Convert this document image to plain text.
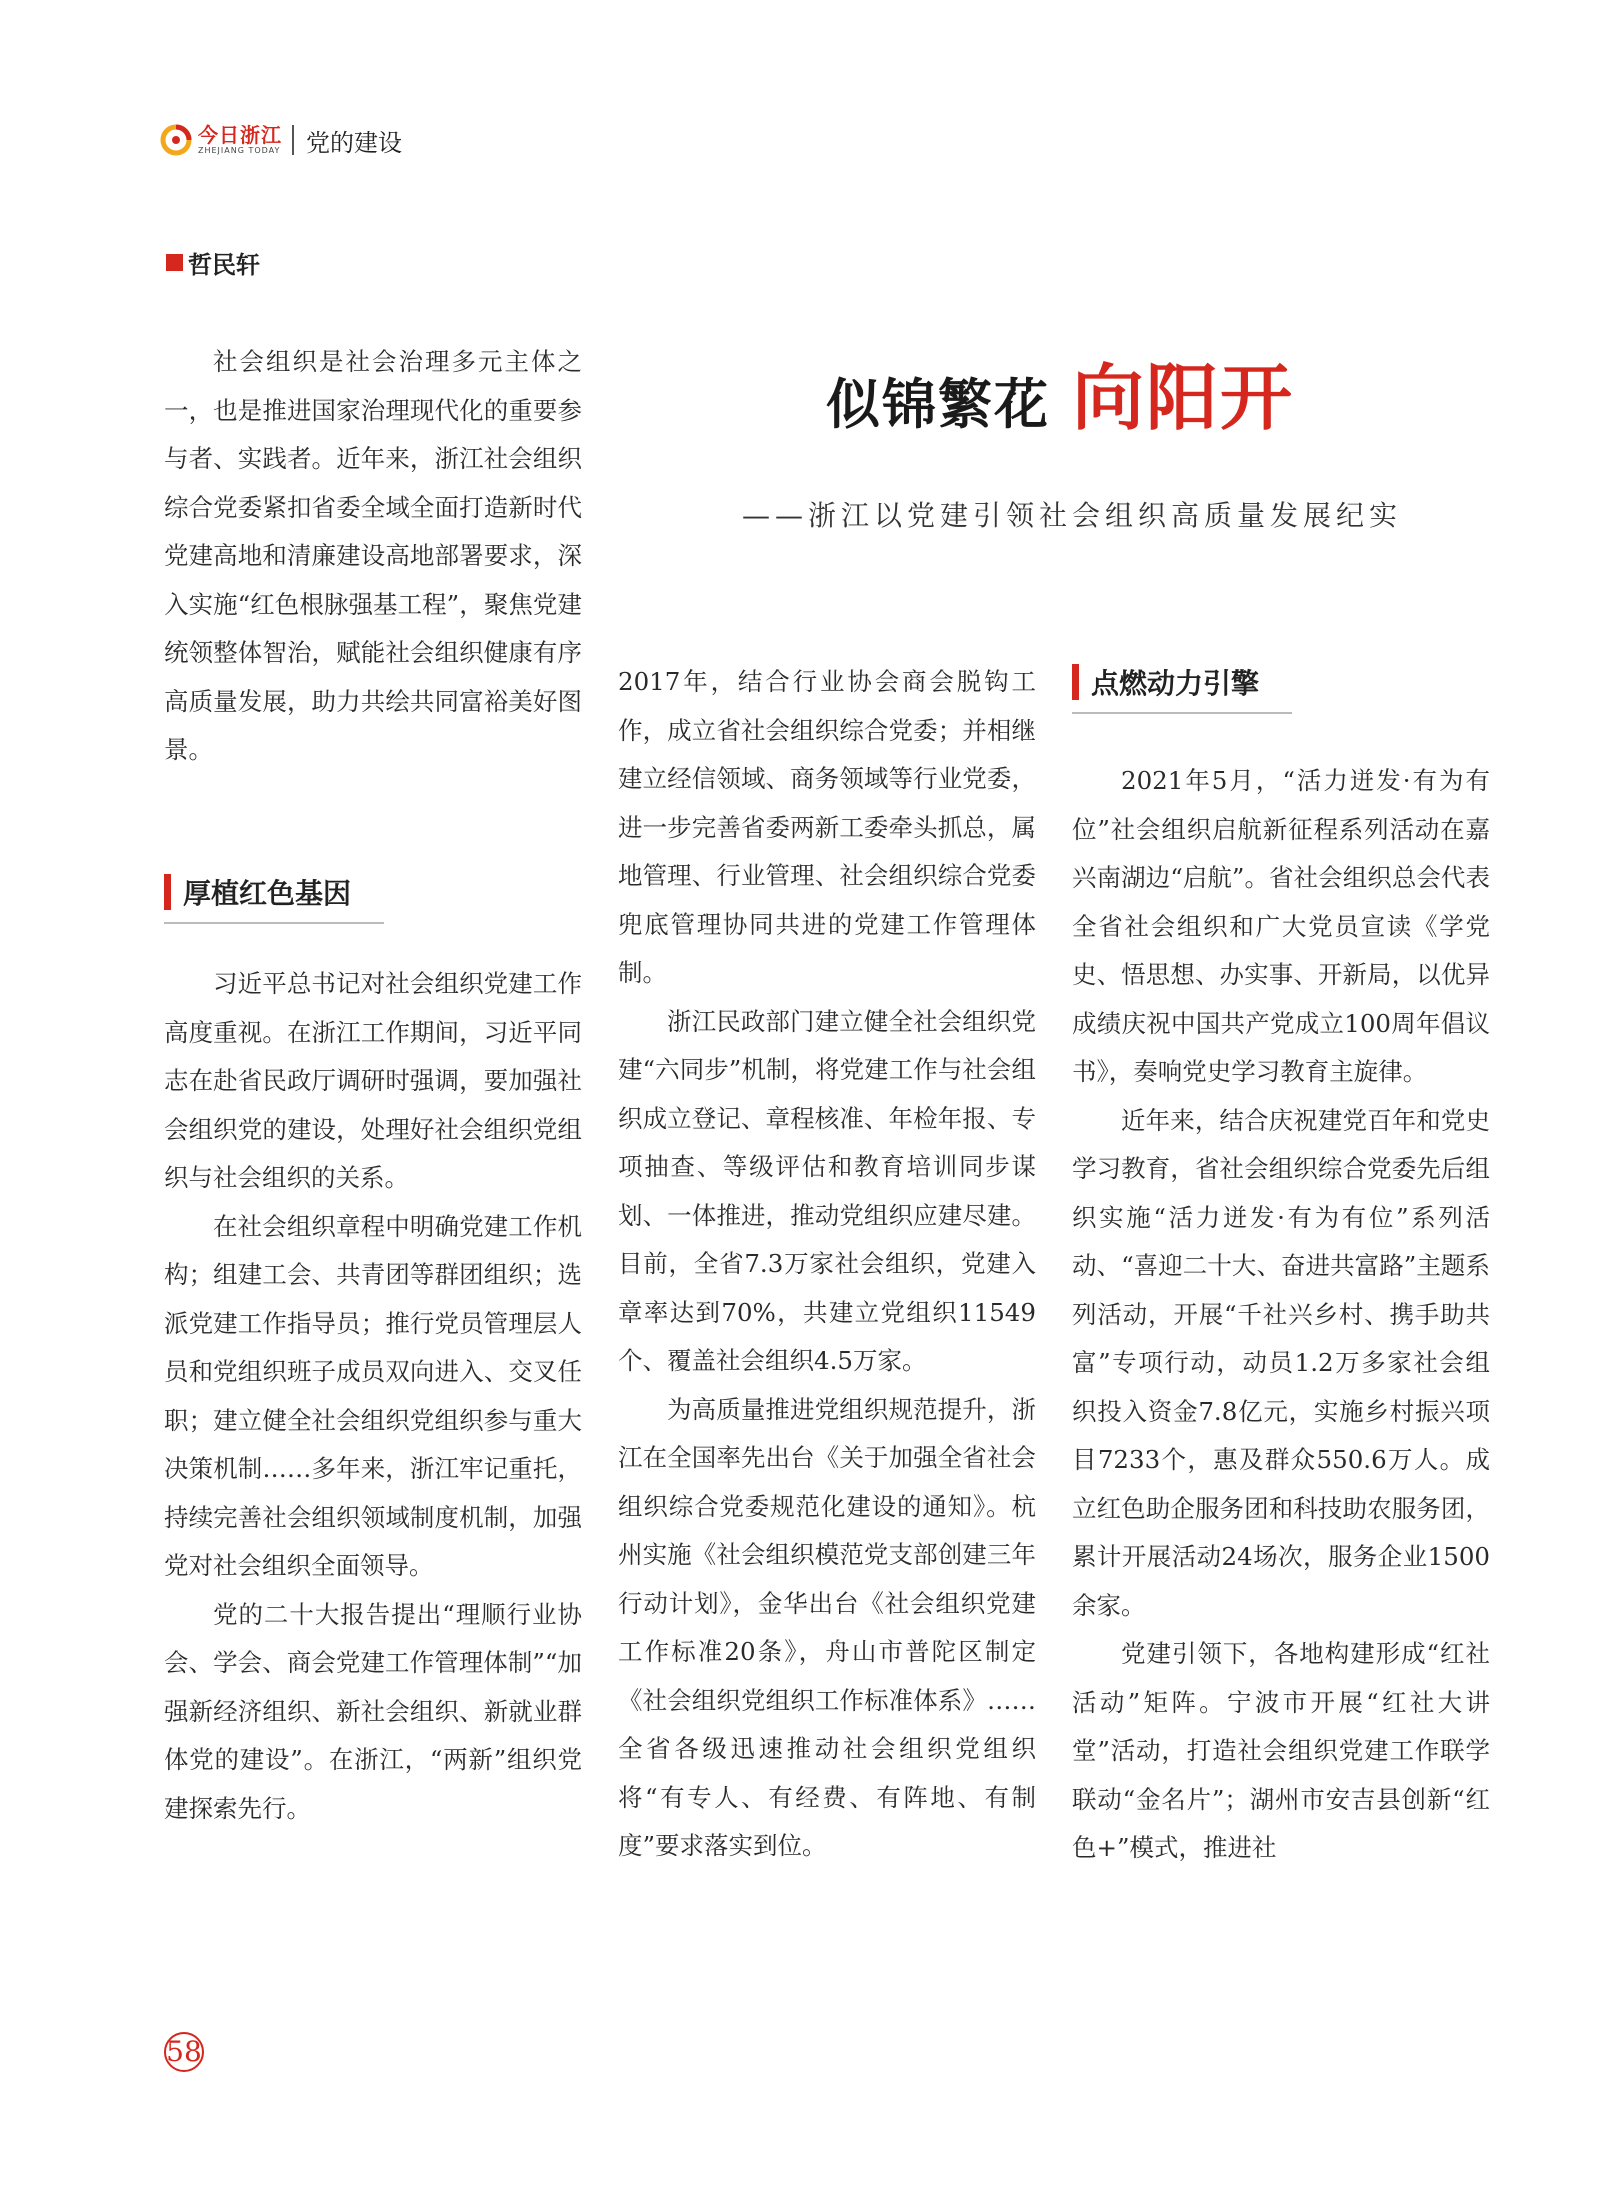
今日浙江
ZHEJIANG TODAY 党的建设
哲民轩
似锦繁花 向阳开
——浙江以党建引领社会组织高质量发展纪实

社会组织是社会治理多元主体之一，也是推进国家治理现代化的重要参与者、实践者。近年来，浙江社会组织综合党委紧扣省委全域全面打造新时代党建高地和清廉建设高地部署要求，深入实施“红色根脉强基工程”，聚焦党建统领整体智治，赋能社会组织健康有序高质量发展，助力共绘共同富裕美好图景。

厚植红色基因

习近平总书记对社会组织党建工作高度重视。在浙江工作期间，习近平同志在赴省民政厅调研时强调，要加强社会组织党的建设，处理好社会组织党组织与社会组织的关系。

在社会组织章程中明确党建工作机构；组建工会、共青团等群团组织；选派党建工作指导员；推行党员管理层人员和党组织班子成员双向进入、交叉任职；建立健全社会组织党组织参与重大决策机制……多年来，浙江牢记重托，持续完善社会组织领域制度机制，加强党对社会组织全面领导。

党的二十大报告提出“理顺行业协会、学会、商会党建工作管理体制”“加强新经济组织、新社会组织、新就业群体党的建设”。在浙江，“两新”组织党建探索先行。

2017年，结合行业协会商会脱钩工作，成立省社会组织综合党委；并相继建立经信领域、商务领域等行业党委，进一步完善省委两新工委牵头抓总，属地管理、行业管理、社会组织综合党委兜底管理协同共进的党建工作管理体制。

浙江民政部门建立健全社会组织党建“六同步”机制，将党建工作与社会组织成立登记、章程核准、年检年报、专项抽查、等级评估和教育培训同步谋划、一体推进，推动党组织应建尽建。目前，全省7.3万家社会组织，党建入章率达到70%，共建立党组织11549个、覆盖社会组织4.5万家。

为高质量推进党组织规范提升，浙江在全国率先出台《关于加强全省社会组织综合党委规范化建设的通知》。杭州实施《社会组织模范党支部创建三年行动计划》，金华出台《社会组织党建工作标准20条》，舟山市普陀区制定《社会组织党组织工作标准体系》……全省各级迅速推动社会组织党组织将“有专人、有经费、有阵地、有制度”要求落实到位。

点燃动力引擎

2021年5月，“活力迸发·有为有位”社会组织启航新征程系列活动在嘉兴南湖边“启航”。省社会组织总会代表全省社会组织和广大党员宣读《学党史、悟思想、办实事、开新局，以优异成绩庆祝中国共产党成立100周年倡议书》，奏响党史学习教育主旋律。

近年来，结合庆祝建党百年和党史学习教育，省社会组织综合党委先后组织实施“活力迸发·有为有位”系列活动、“喜迎二十大、奋进共富路”主题系列活动，开展“千社兴乡村、携手助共富”专项行动，动员1.2万多家社会组织投入资金7.8亿元，实施乡村振兴项目7233个，惠及群众550.6万人。成立红色助企服务团和科技助农服务团，累计开展活动24场次，服务企业1500余家。

党建引领下，各地构建形成“红社活动”矩阵。宁波市开展“红社大讲堂”活动，打造社会组织党建工作联学联动“金名片”；湖州市安吉县创新“红色+”模式，推进社

58
